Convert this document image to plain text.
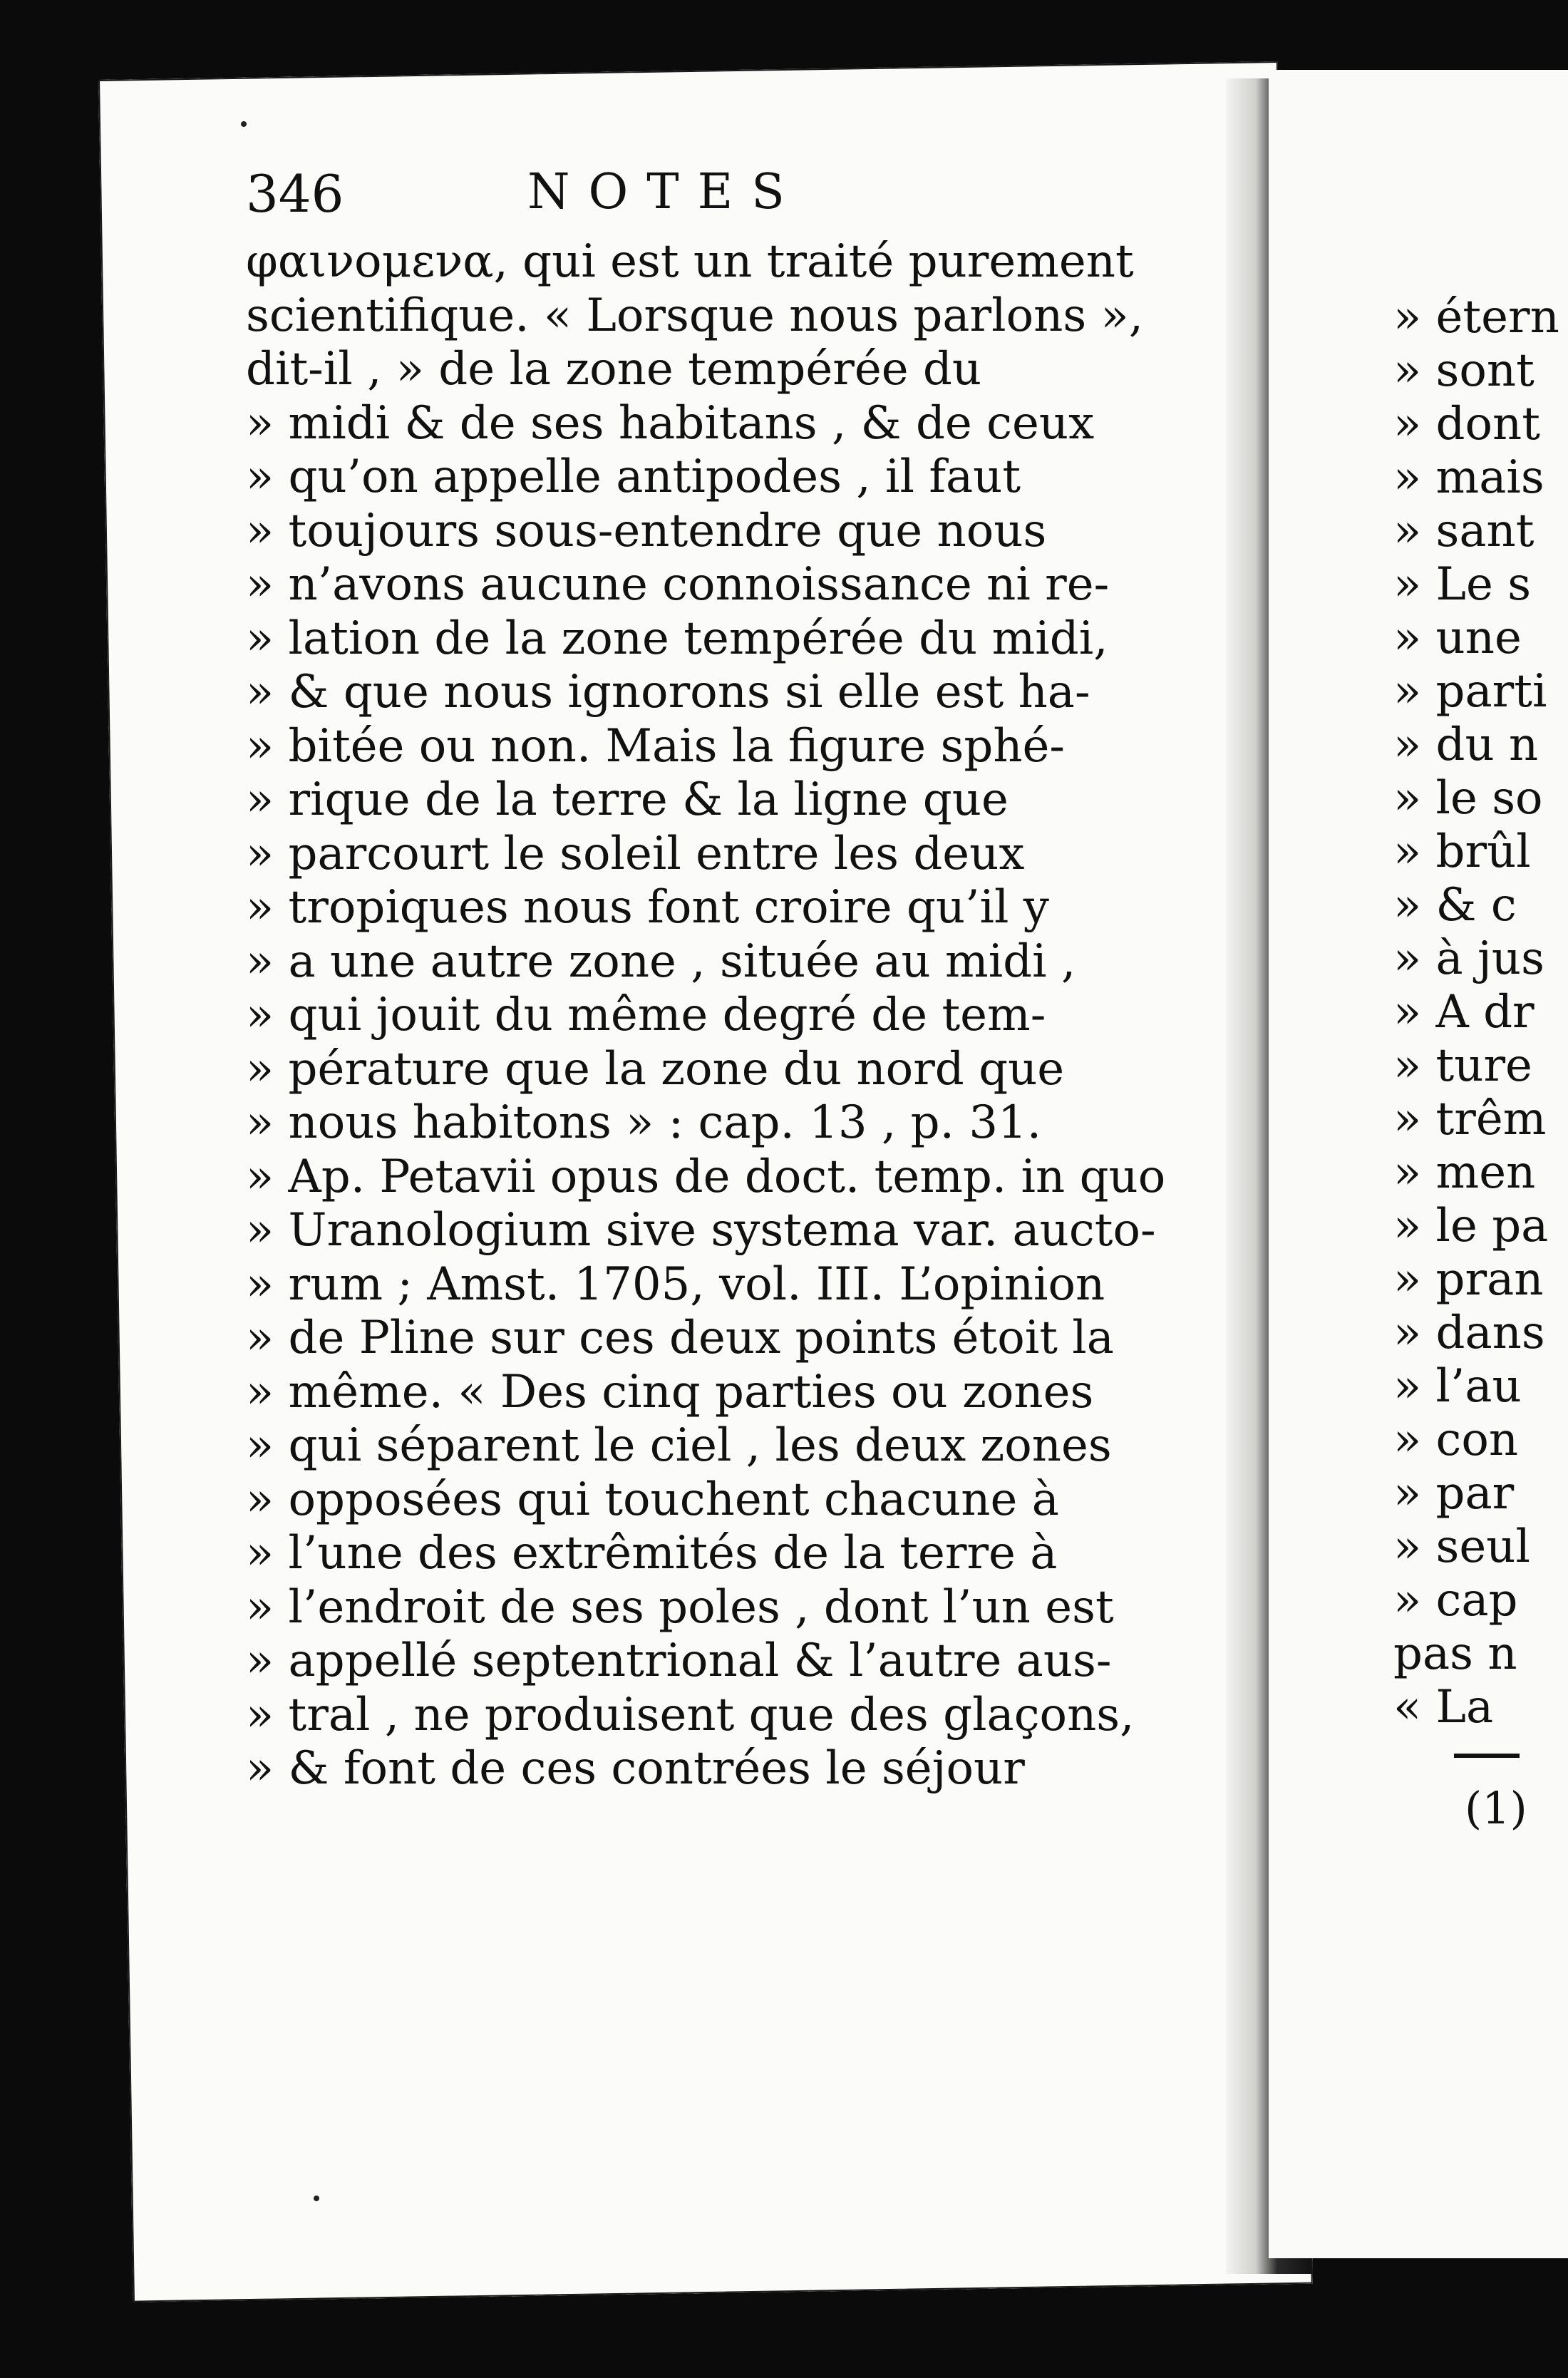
346	NOTES
φαινομενα, qui est un traité purement
scientifique. « Lorsque nous parlons »,
dit-il , » de la zone tempérée du
» midi & de ses habitans , & de ceux
» qu’on appelle antipodes , il faut
» toujours sous-entendre que nous
» n’avons aucune connoissance ni re-
» lation de la zone tempérée du midi,
» & que nous ignorons si elle est ha-
» bitée ou non. Mais la figure sphé-
» rique de la terre & la ligne que
» parcourt le soleil entre les deux
» tropiques nous font croire qu’il y
» a une autre zone , située au midi ,
» qui jouit du même degré de tem-
» pérature que la zone du nord que
» nous habitons » : cap. 13 , p. 31.
» Ap. Petavii opus de doct. temp. in quo
» Uranologium sive systema var. aucto-
» rum ; Amst. 1705, vol. III. L’opinion
» de Pline sur ces deux points étoit la
» même. « Des cinq parties ou zones
» qui séparent le ciel , les deux zones
» opposées qui touchent chacune à
» l’une des extrêmités de la terre à
» l’endroit de ses poles , dont l’un est
» appellé septentrional & l’autre aus-
» tral , ne produisent que des glaçons,
» & font de ces contrées le séjour
» étern
» sont
» dont
» mais
» sant
» Le s
» une
» parti
» du n
» le so
» brûl
» & c
» à jus
» A dr
» ture
» trêm
» men
» le pa
» pran
» dans
» l’au
» con
» par
» seul
» cap
pas n
« La
(1)
